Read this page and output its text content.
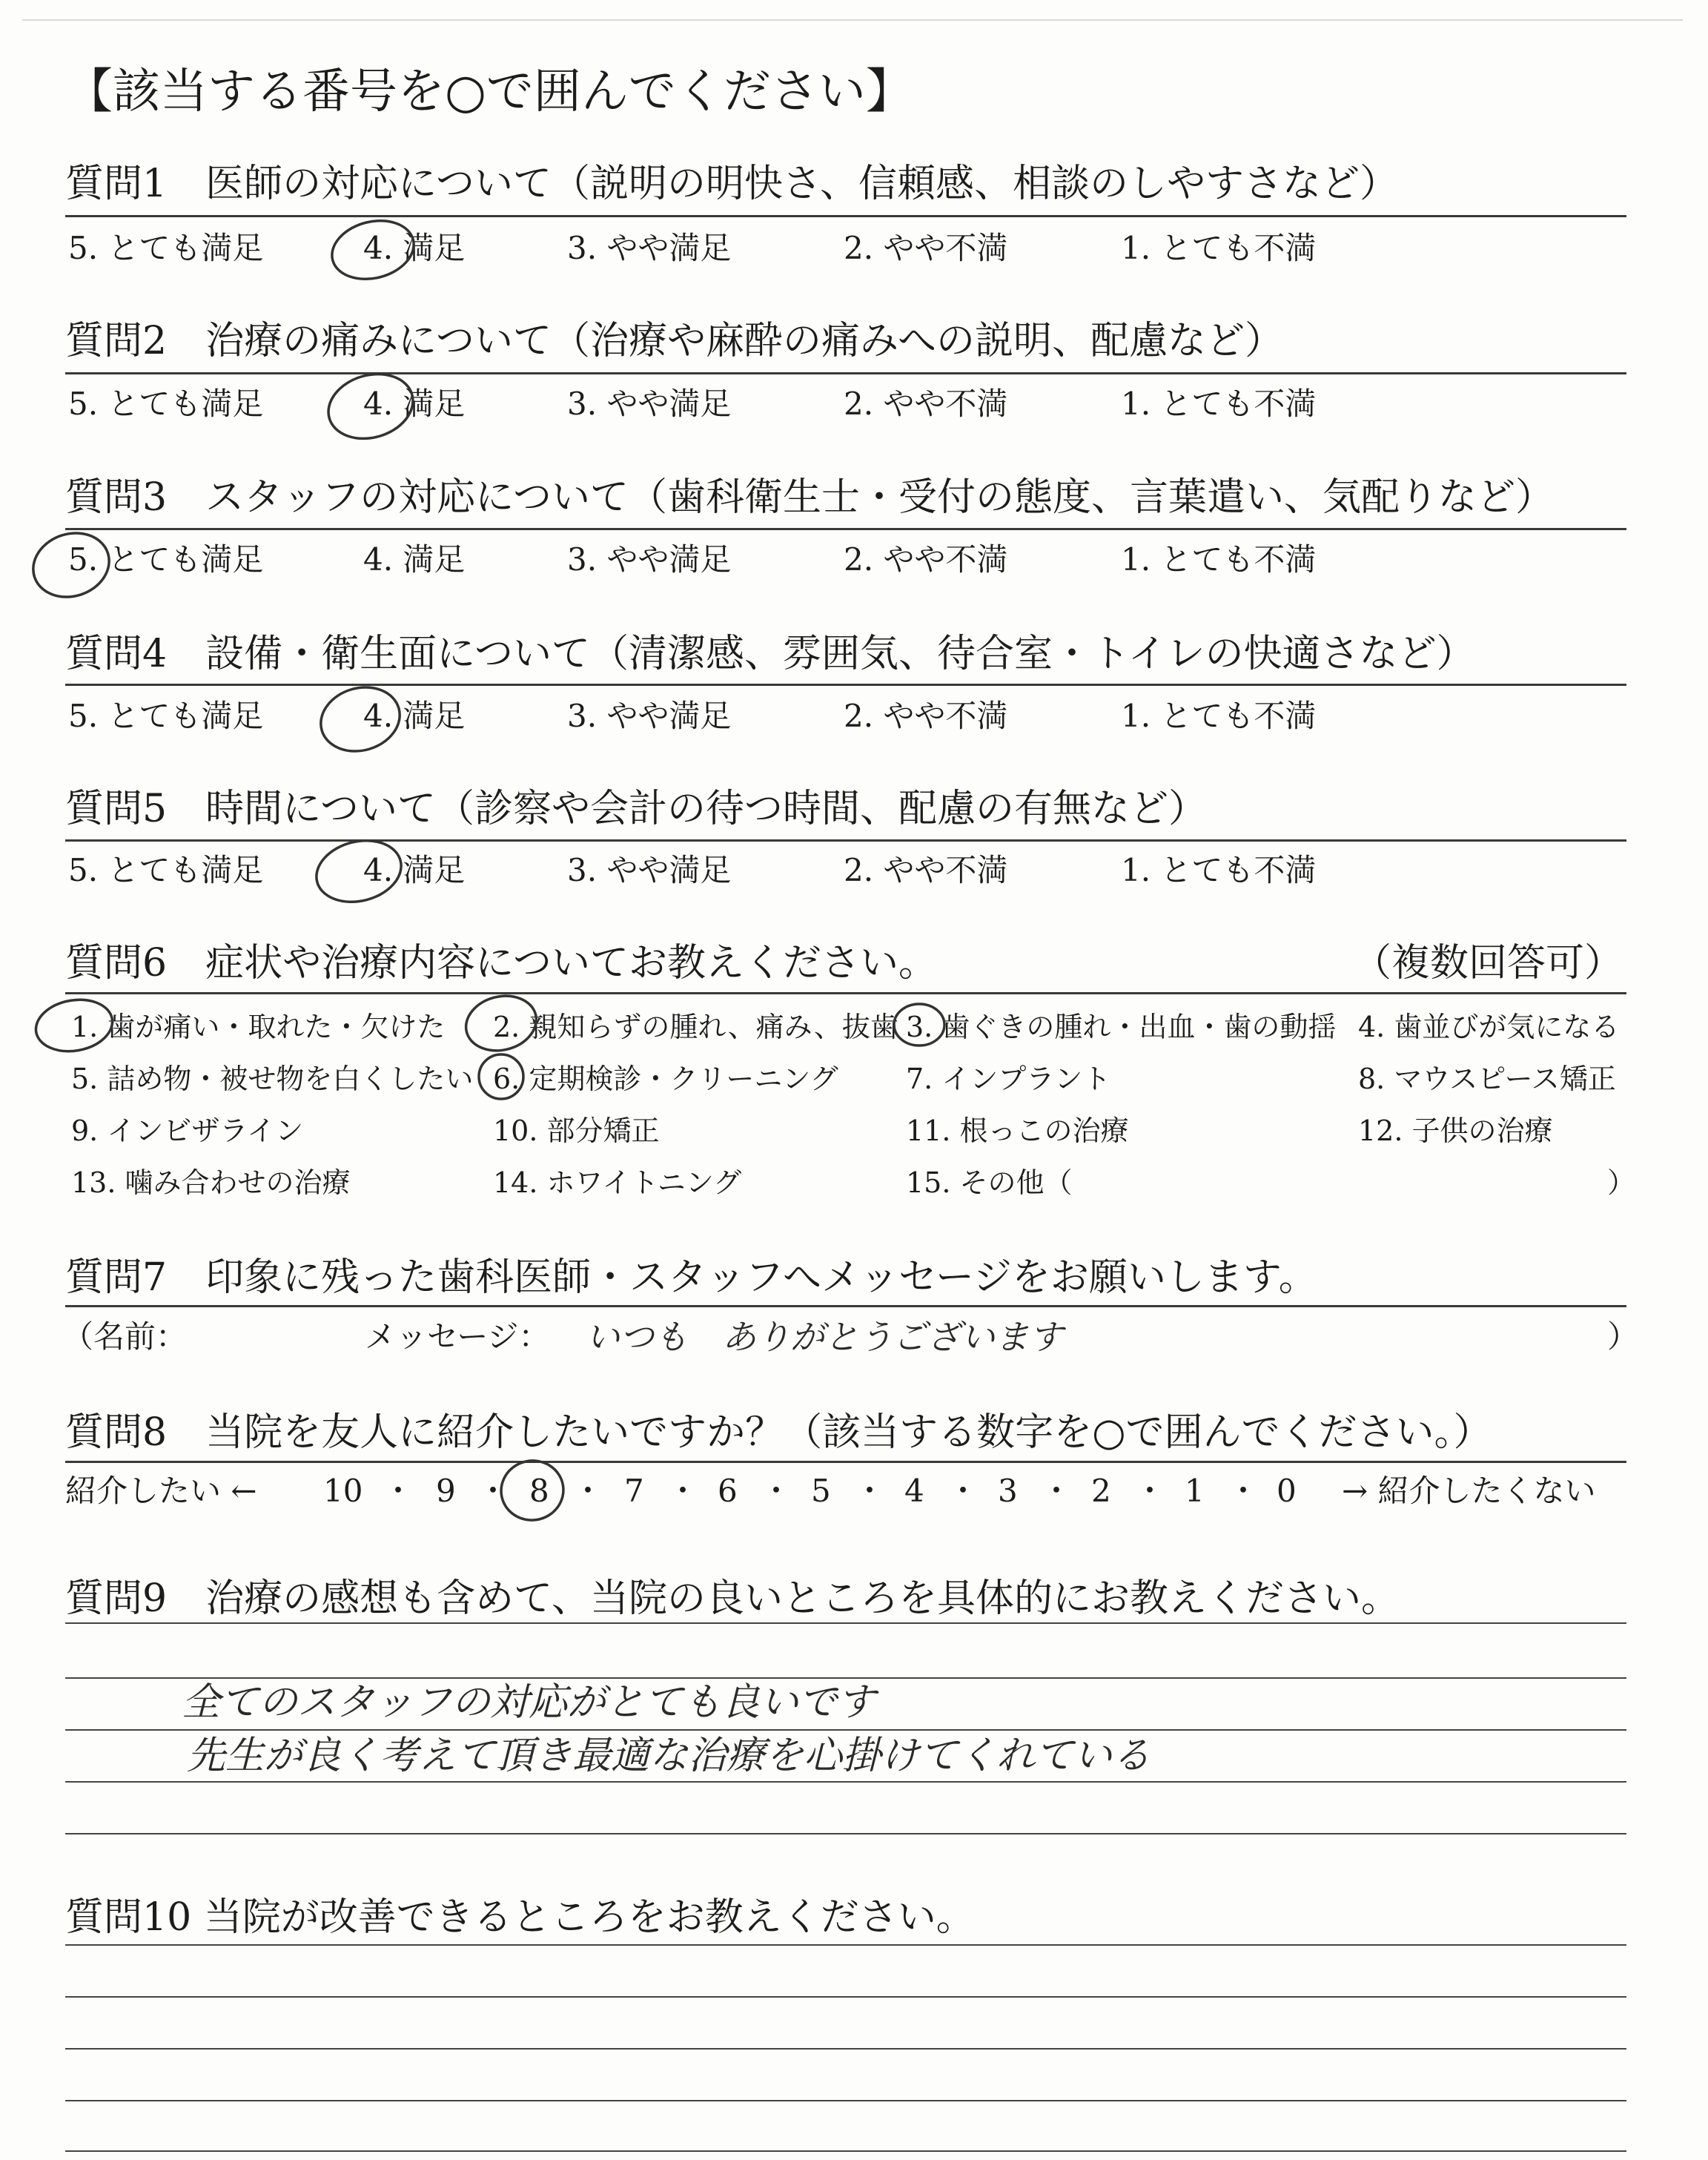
【該当する番号を○で囲んでください】
質問1　医師の対応について（説明の明快さ、信頼感、相談のしやすさなど）
5. とても満足	4. 満足	3. やや満足	2. やや不満	1. とても不満
質問2　治療の痛みについて（治療や麻酔の痛みへの説明、配慮など）
5. とても満足	4. 満足	3. やや満足	2. やや不満	1. とても不満
質問3　スタッフの対応について（歯科衛生士・受付の態度、言葉遣い、気配りなど）
5. とても満足	4. 満足	3. やや満足	2. やや不満	1. とても不満
質問4　設備・衛生面について（清潔感、雰囲気、待合室・トイレの快適さなど）
5. とても満足	4. 満足	3. やや満足	2. やや不満	1. とても不満
質問5　時間について（診察や会計の待つ時間、配慮の有無など）
5. とても満足	4. 満足	3. やや満足	2. やや不満	1. とても不満
質問6　症状や治療内容についてお教えください。	（複数回答可）
1. 歯が痛い・取れた・欠けた 2. 親知らずの腫れ、痛み、抜歯 3. 歯ぐきの腫れ・出血・歯の動揺 4. 歯並びが気になる
5. 詰め物・被せ物を白くしたい 6. 定期検診・クリーニング 7. インプラント	8. マウスピース矯正
9. インビザライン	10. 部分矯正	11. 根っこの治療	12. 子供の治療
13. 噛み合わせの治療	14. ホワイトニング	15. その他（	）
質問7　印象に残った歯科医師・スタッフへメッセージをお願いします。
（名前：	メッセージ： いつも　ありがとうございます	）
質問8　当院を友人に紹介したいですか？（該当する数字を○で囲んでください。）
紹介したい ← 10 ・ 9 ・ 8 ・ 7 ・ 6 ・ 5 ・ 4 ・ 3 ・ 2 ・ 1 ・ 0 → 紹介したくない
質問9　治療の感想も含めて、当院の良いところを具体的にお教えください。
全てのスタッフの対応がとても良いです
先生が良く考えて頂き最適な治療を心掛けてくれている
質問10 当院が改善できるところをお教えください。
